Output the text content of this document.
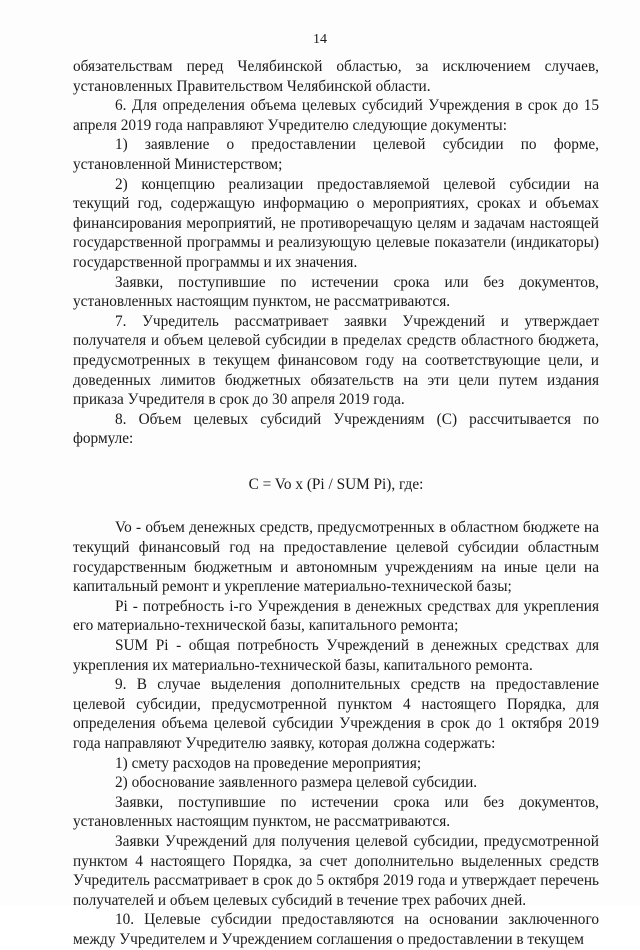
14

обязательствам перед Челябинской областью, за исключением случаев, установленных Правительством Челябинской области.

6. Для определения объема целевых субсидий Учреждения в срок до 15 апреля 2019 года направляют Учредителю следующие документы:

1) заявление о предоставлении целевой субсидии по форме, установленной Министерством;

2) концепцию реализации предоставляемой целевой субсидии на текущий год, содержащую информацию о мероприятиях, сроках и объемах финансирования мероприятий, не противоречащую целям и задачам настоящей государственной программы и реализующую целевые показатели (индикаторы) государственной программы и их значения.

Заявки, поступившие по истечении срока или без документов, установленных настоящим пунктом, не рассматриваются.

7. Учредитель рассматривает заявки Учреждений и утверждает получателя и объем целевой субсидии в пределах средств областного бюджета, предусмотренных в текущем финансовом году на соответствующие цели, и доведенных лимитов бюджетных обязательств на эти цели путем издания приказа Учредителя в срок до 30 апреля 2019 года.

8. Объем целевых субсидий Учреждениям (С) рассчитывается по формуле:

C = Vo x (Pi / SUM Pi), где:

Vo - объем денежных средств, предусмотренных в областном бюджете на текущий финансовый год на предоставление целевой субсидии областным государственным бюджетным и автономным учреждениям на иные цели на капитальный ремонт и укрепление материально-технической базы;

Pi - потребность i-го Учреждения в денежных средствах для укрепления его материально-технической базы, капитального ремонта;

SUM Pi - общая потребность Учреждений в денежных средствах для укрепления их материально-технической базы, капитального ремонта.

9. В случае выделения дополнительных средств на предоставление целевой субсидии, предусмотренной пунктом 4 настоящего Порядка, для определения объема целевой субсидии Учреждения в срок до 1 октября 2019 года направляют Учредителю заявку, которая должна содержать:

1) смету расходов на проведение мероприятия;

2) обоснование заявленного размера целевой субсидии.

Заявки, поступившие по истечении срока или без документов, установленных настоящим пунктом, не рассматриваются.

Заявки Учреждений для получения целевой субсидии, предусмотренной пунктом 4 настоящего Порядка, за счет дополнительно выделенных средств Учредитель рассматривает в срок до 5 октября 2019 года и утверждает перечень получателей и объем целевых субсидий в течение трех рабочих дней.

10. Целевые субсидии предоставляются на основании заключенного между Учредителем и Учреждением соглашения о предоставлении в текущем
